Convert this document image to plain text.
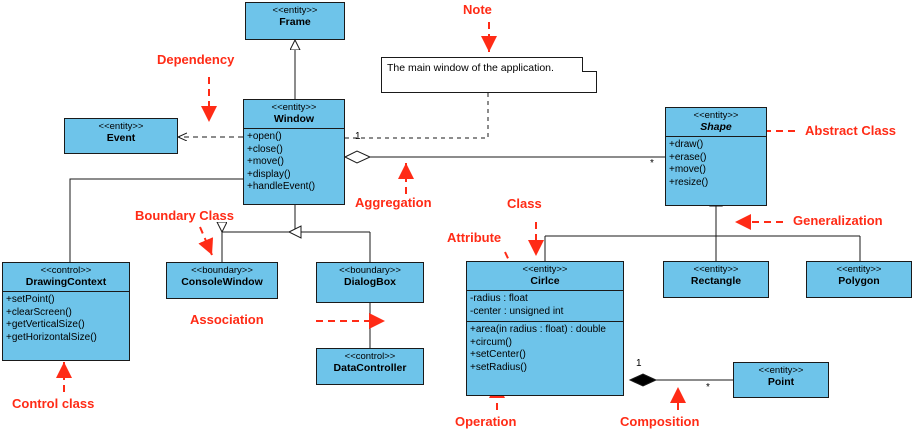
<<entity>>
Frame
<<entity>>
Event
<<entity>>
Window
+open()
+close()
+move()
+display()
+handleEvent()
<<entity>>
Shape
+draw()
+erase()
+move()
+resize()
<<control>>
DrawingContext
+setPoint()
+clearScreen()
+getVerticalSize()
+getHorizontalSize()
<<boundary>>
ConsoleWindow
<<boundary>>
DialogBox
<<control>>
DataController
<<entity>>
Cirlce
-radius : float
-center : unsigned int
+area(in radius : float) : double
+circum()
+setCenter()
+setRadius()
<<entity>>
Rectangle
<<entity>>
Polygon
<<entity>>
Point
The main window of the application.
1
*
1
*
Note
Dependency
Abstract Class
Aggregation
Boundary Class
Class
Attribute
Generalization
Association
Control class
Operation	Composition
